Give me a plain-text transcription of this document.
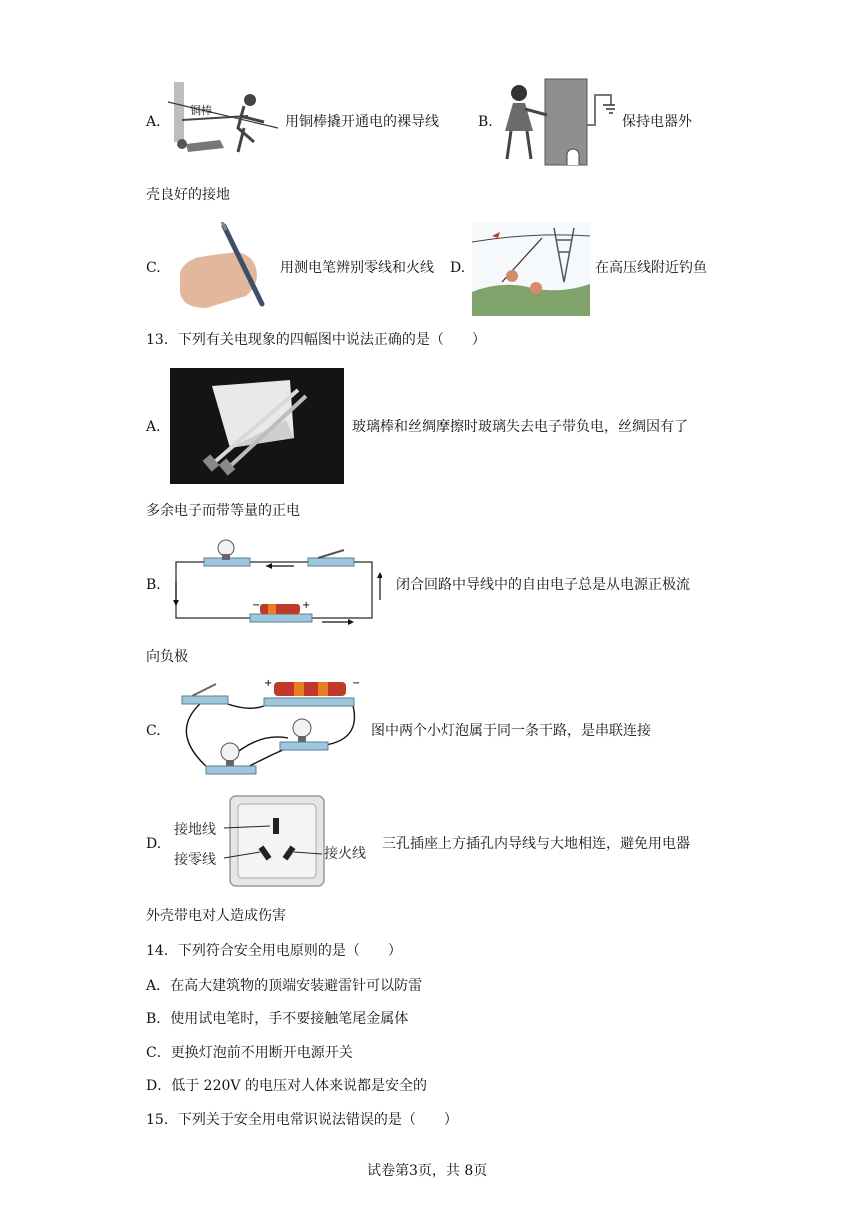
A.
铜棒
用铜棒撬开通电的裸导线	B.	保持电器外
壳良好的接地
C.	用测电笔辨别零线和火线 D.	在高压线附近钓鱼
13．下列有关电现象的四幅图中说法正确的是（　　）
A.	玻璃棒和丝绸摩擦时玻璃失去电子带负电，丝绸因有了
多余电子而带等量的正电
B.
−	+
闭合回路中导线中的自由电子总是从电源正极流
向负极
C.
+	−
图中两个小灯泡属于同一条干路，是串联连接
D.
接地线
接零线	接火线
三孔插座上方插孔内导线与大地相连，避免用电器
外壳带电对人造成伤害
14．下列符合安全用电原则的是（　　）
A．在高大建筑物的顶端安装避雷针可以防雷
B．使用试电笔时，手不要接触笔尾金属体
C．更换灯泡前不用断开电源开关
D．低于 220V 的电压对人体来说都是安全的
15．下列关于安全用电常识说法错误的是（　　）
试卷第3页，共 8页
